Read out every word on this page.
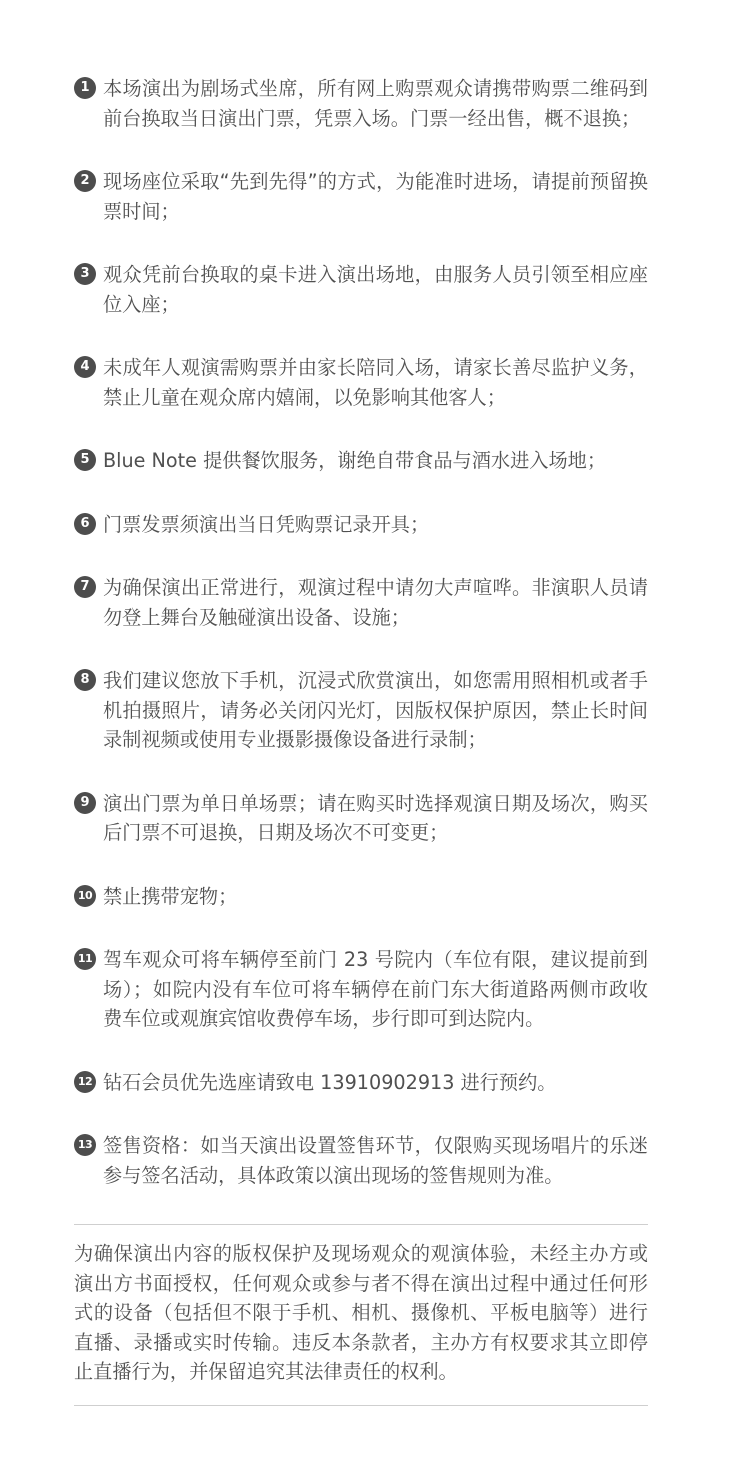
1 本场演出为剧场式坐席，所有网上购票观众请携带购票二维码到前台换取当日演出门票，凭票入场。门票一经出售，概不退换；
2 现场座位采取“先到先得”的方式，为能准时进场，请提前预留换票时间；
3 观众凭前台换取的桌卡进入演出场地，由服务人员引领至相应座位入座；
4 未成年人观演需购票并由家长陪同入场，请家长善尽监护义务，禁止儿童在观众席内嬉闹，以免影响其他客人；
5 Blue Note 提供餐饮服务，谢绝自带食品与酒水进入场地；
6 门票发票须演出当日凭购票记录开具；
7 为确保演出正常进行，观演过程中请勿大声喧哗。非演职人员请勿登上舞台及触碰演出设备、设施；
8 我们建议您放下手机，沉浸式欣赏演出，如您需用照相机或者手机拍摄照片，请务必关闭闪光灯，因版权保护原因，禁止长时间录制视频或使用专业摄影摄像设备进行录制；
9 演出门票为单日单场票；请在购买时选择观演日期及场次，购买后门票不可退换，日期及场次不可变更；
10 禁止携带宠物；
11 驾车观众可将车辆停至前门 23 号院内（车位有限，建议提前到场）；如院内没有车位可将车辆停在前门东大街道路两侧市政收费车位或观旗宾馆收费停车场，步行即可到达院内。
12 钻石会员优先选座请致电 13910902913 进行预约。
13 签售资格：如当天演出设置签售环节，仅限购买现场唱片的乐迷参与签名活动，具体政策以演出现场的签售规则为准。

为确保演出内容的版权保护及现场观众的观演体验，未经主办方或演出方书面授权，任何观众或参与者不得在演出过程中通过任何形式的设备（包括但不限于手机、相机、摄像机、平板电脑等）进行直播、录播或实时传输。违反本条款者，主办方有权要求其立即停止直播行为，并保留追究其法律责任的权利。
